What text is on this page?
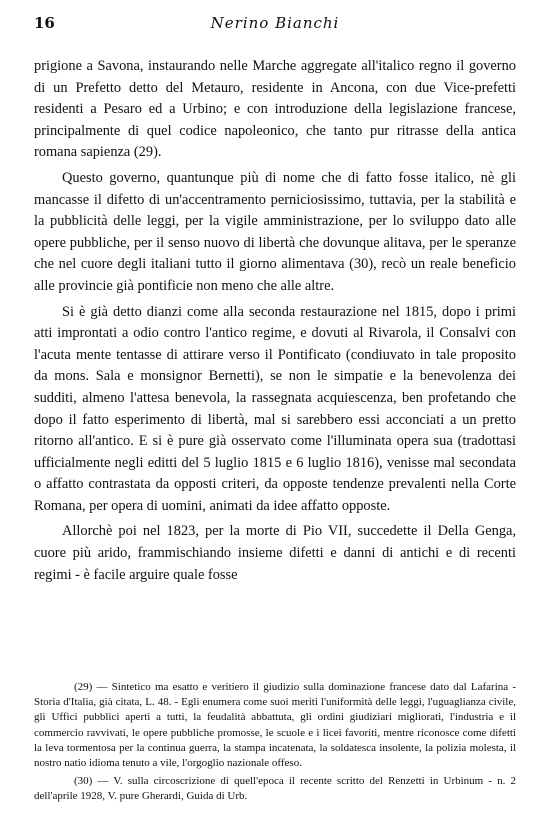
16	Nerino Bianchi

prigione a Savona, instaurando nelle Marche aggregate all'italico regno il governo di un Prefetto detto del Metauro, residente in Ancona, con due Vice-prefetti residenti a Pesaro ed a Urbino; e con introduzione della legislazione francese, principalmente di quel codice napoleonico, che tanto pur ritrasse della antica romana sapienza (29).

Questo governo, quantunque più di nome che di fatto fosse italico, nè gli mancasse il difetto di un'accentramento perniciosissimo, tuttavia, per la stabilità e la pubblicità delle leggi, per la vigile amministrazione, per lo sviluppo dato alle opere pubbliche, per il senso nuovo di libertà che dovunque alitava, per le speranze che nel cuore degli italiani tutto il giorno alimentava (30), recò un reale beneficio alle provincie già pontificie non meno che alle altre.

Si è già detto dianzi come alla seconda restaurazione nel 1815, dopo i primi atti improntati a odio contro l'antico regime, e dovuti al Rivarola, il Consalvi con l'acuta mente tentasse di attirare verso il Pontificato (condiuvato in tale proposito da mons. Sala e monsignor Bernetti), se non le simpatie e la benevolenza dei sudditi, almeno l'attesa benevola, la rassegnata acquiescenza, ben profetando che dopo il fatto esperimento di libertà, mal si sarebbero essi acconciati a un pretto ritorno all'antico. E si è pure già osservato come l'illuminata opera sua (tradottasi ufficialmente negli editti del 5 luglio 1815 e 6 luglio 1816), venisse mal secondata o affatto contrastata da opposti criteri, da opposte tendenze prevalenti nella Corte Romana, per opera di uomini, animati da idee affatto opposte.

Allorchè poi nel 1823, per la morte di Pio VII, succedette il Della Genga, cuore più arido, frammischiando insieme difetti e danni di antichi e di recenti regimi - è facile arguire quale fosse

(29) — Sintetico ma esatto e veritiero il giudizio sulla dominazione francese dato dal Lafarina - Storia d'Italia, già citata, L. 48. - Egli enumera come suoi meriti l'uniformità delle leggi, l'uguaglianza civile, gli Uffici pubblici aperti a tutti, la feudalità abbattuta, gli ordini giudiziari migliorati, l'industria e il commercio ravvivati, le opere pubbliche promosse, le scuole e i licei favoriti, mentre riconosce come difetti la leva tormentosa per la continua guerra, la stampa incatenata, la soldatesca insolente, la polizia molesta, il nostro natio idioma tenuto a vile, l'orgoglio nazionale offeso.

(30) — V. sulla circoscrizione di quell'epoca il recente scritto del Renzetti in Urbinum - n. 2 dell'aprile 1928, V. pure Gherardi, Guida di Urb.
